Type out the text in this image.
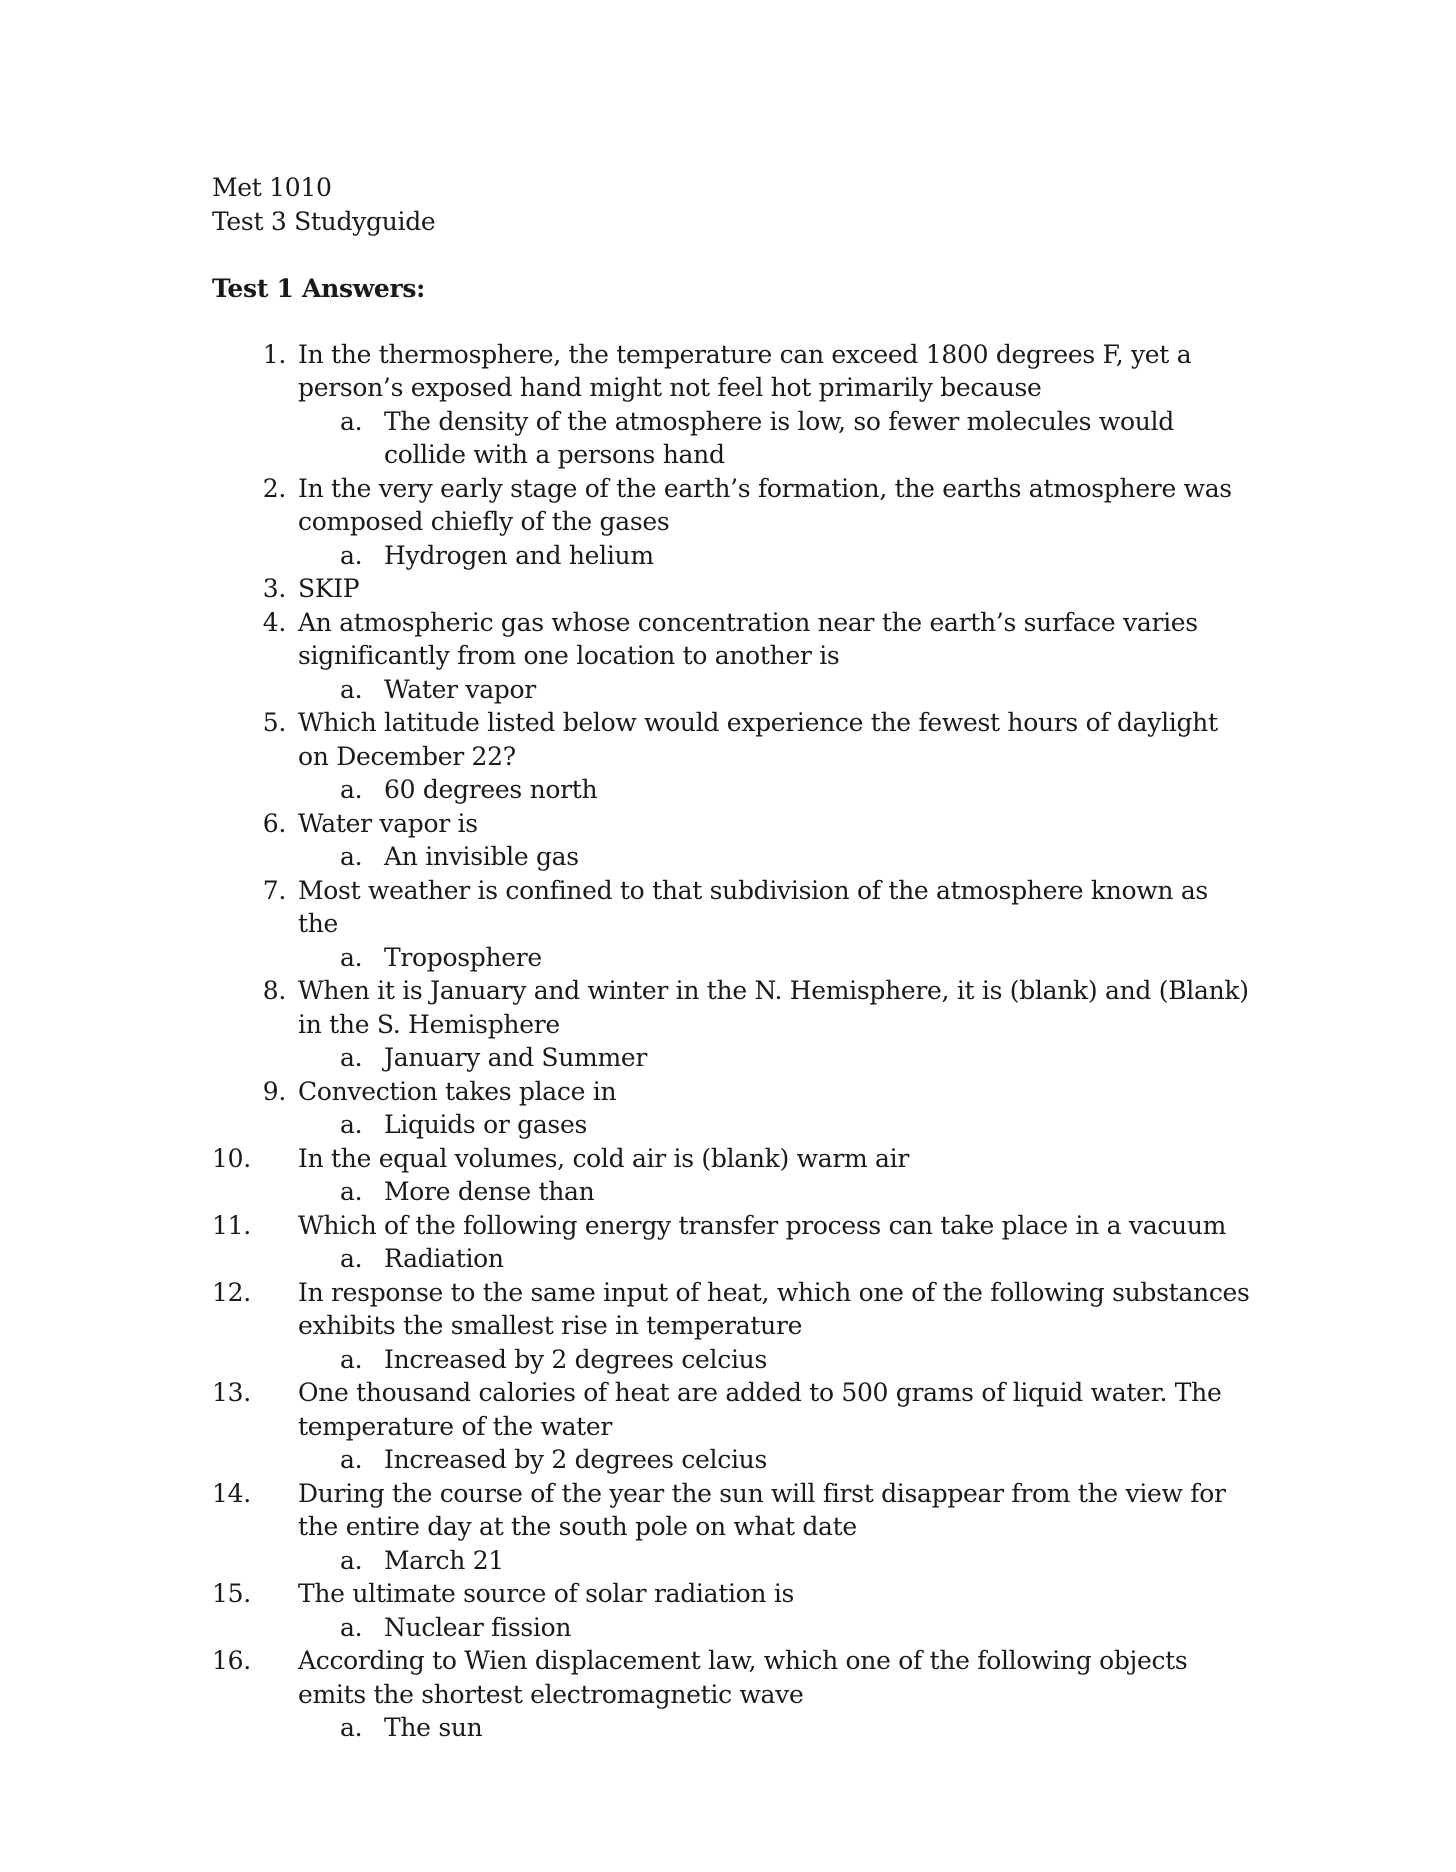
Met 1010
Test 3 Studyguide
Test 1 Answers:
1. In the thermosphere, the temperature can exceed 1800 degrees F, yet a person’s exposed hand might not feel hot primarily because
a. The density of the atmosphere is low, so fewer molecules would collide with a persons hand
2. In the very early stage of the earth’s formation, the earths atmosphere was composed chiefly of the gases
a. Hydrogen and helium
3. SKIP
4. An atmospheric gas whose concentration near the earth’s surface varies significantly from one location to another is
a. Water vapor
5. Which latitude listed below would experience the fewest hours of daylight on December 22?
a. 60 degrees north
6. Water vapor is
a. An invisible gas
7. Most weather is confined to that subdivision of the atmosphere known as the
a. Troposphere
8. When it is January and winter in the N. Hemisphere, it is (blank) and (Blank) in the S. Hemisphere
a. January and Summer
9. Convection takes place in
a. Liquids or gases
10.	In the equal volumes, cold air is (blank) warm air
a. More dense than
11.	Which of the following energy transfer process can take place in a vacuum
a. Radiation
12.	In response to the same input of heat, which one of the following substances exhibits the smallest rise in temperature
a. Increased by 2 degrees celcius
13.	One thousand calories of heat are added to 500 grams of liquid water. The temperature of the water
a. Increased by 2 degrees celcius
14.	During the course of the year the sun will first disappear from the view for the entire day at the south pole on what date
a. March 21
15.	The ultimate source of solar radiation is
a. Nuclear fission
16.	According to Wien displacement law, which one of the following objects emits the shortest electromagnetic wave
a. The sun
